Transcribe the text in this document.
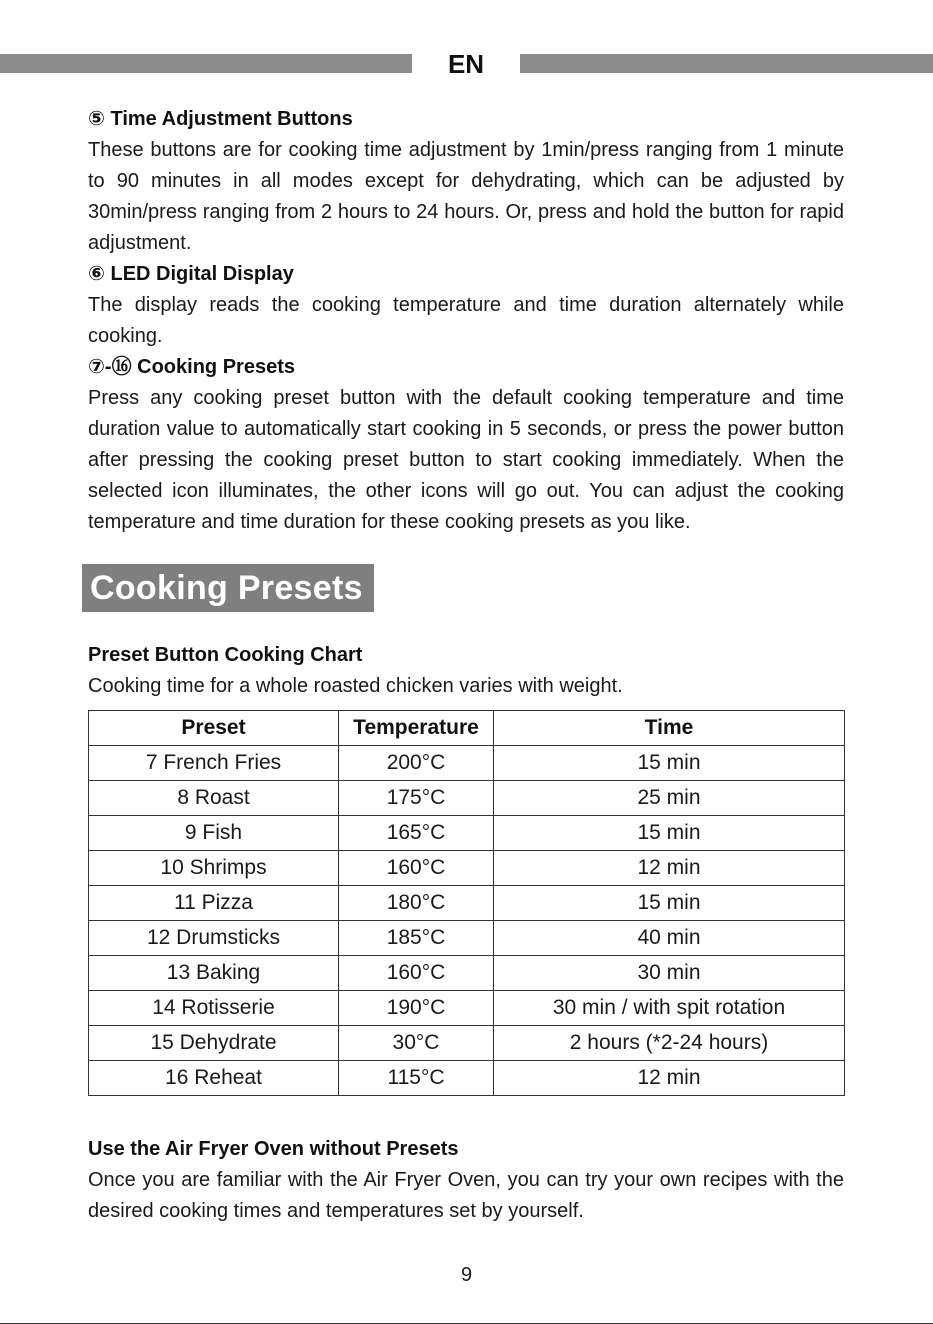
EN

⑤ Time Adjustment Buttons

These buttons are for cooking time adjustment by 1min/press ranging from 1 minute to 90 minutes in all modes except for dehydrating, which can be adjusted by 30min/press ranging from 2 hours to 24 hours. Or, press and hold the button for rapid adjustment.

⑥ LED Digital Display

The display reads the cooking temperature and time duration alternately while cooking.

⑦-⑯ Cooking Presets

Press any cooking preset button with the default cooking temperature and time duration value to automatically start cooking in 5 seconds, or press the power button after pressing the cooking preset button to start cooking immediately. When the selected icon illuminates, the other icons will go out. You can adjust the cooking temperature and time duration for these cooking presets as you like.

Cooking Presets

Preset Button Cooking Chart

Cooking time for a whole roasted chicken varies with weight.

Preset	Temperature	Time
7 French Fries	200°C	15 min
8 Roast	175°C	25 min
9 Fish	165°C	15 min
10 Shrimps	160°C	12 min
11 Pizza	180°C	15 min
12 Drumsticks	185°C	40 min
13 Baking	160°C	30 min
14 Rotisserie	190°C	30 min / with spit rotation
15 Dehydrate	30°C	2 hours (*2-24 hours)
16 Reheat	115°C	12 min

Use the Air Fryer Oven without Presets

Once you are familiar with the Air Fryer Oven, you can try your own recipes with the desired cooking times and temperatures set by yourself.

9
